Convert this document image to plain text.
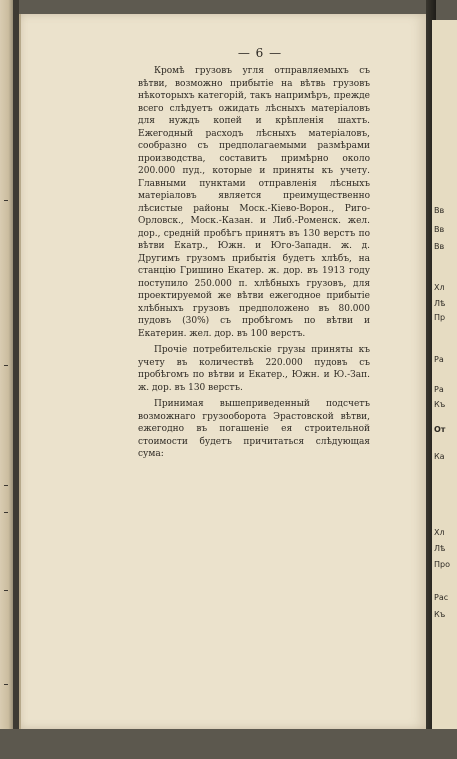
— 6 —

Кромѣ грузовъ угля отправляемыхъ съ вѣтви, возможно прибытiе на вѣтвь грузовъ нѣкоторыхъ категорiй, такъ напримѣръ, прежде всего слѣдуетъ ожидать лѣсныхъ матерiаловъ для нуждъ копей и крѣпленiя шахтъ. Ежегодный расходъ лѣсныхъ матерiаловъ, сообразно съ предполагаемыми размѣрами производства, составитъ примѣрно около 200.000 пуд., которые и приняты къ учету. Главными пунктами отправленiя лѣсныхъ матерiаловъ является преимущественно лѣсистые районы Моск.-Кiево-Ворон., Риго-Орловск., Моск.-Казан. и Либ.-Роменск. жел. дор., средній пробѣгъ принятъ въ 130 верстъ по вѣтви Екатр., Южн. и Юго-Западн. ж. д. Другимъ грузомъ прибытiя будетъ хлѣбъ, на станцiю Гришино Екатер. ж. дор. въ 1913 году поступило 250.000 п. хлѣбныхъ грузовъ, для проектируемой же вѣтви ежегодное прибытiе хлѣбныхъ грузовъ предположено въ 80.000 пудовъ (30%) съ пробѣгомъ по вѣтви и Екатерин. жел. дор. въ 100 верстъ.

Прочiе потребительскiе грузы приняты къ учету въ количествѣ 220.000 пудовъ съ пробѣгомъ по вѣтви и Екатер., Южн. и Ю.-Зап. ж. дор. въ 130 верстъ.

Принимая вышеприведенный подсчетъ возможнаго грузооборота Эрастовской вѣтви, ежегодно въ погашенiе ея строительной стоимости будетъ причитаться слѣдующая сума:

Вв
Вв
Вв
Хл
Лѣ
Пр
Ра
Ра
Къ
От
Ка
Хл
Лѣ
Про
Рас
Къ
